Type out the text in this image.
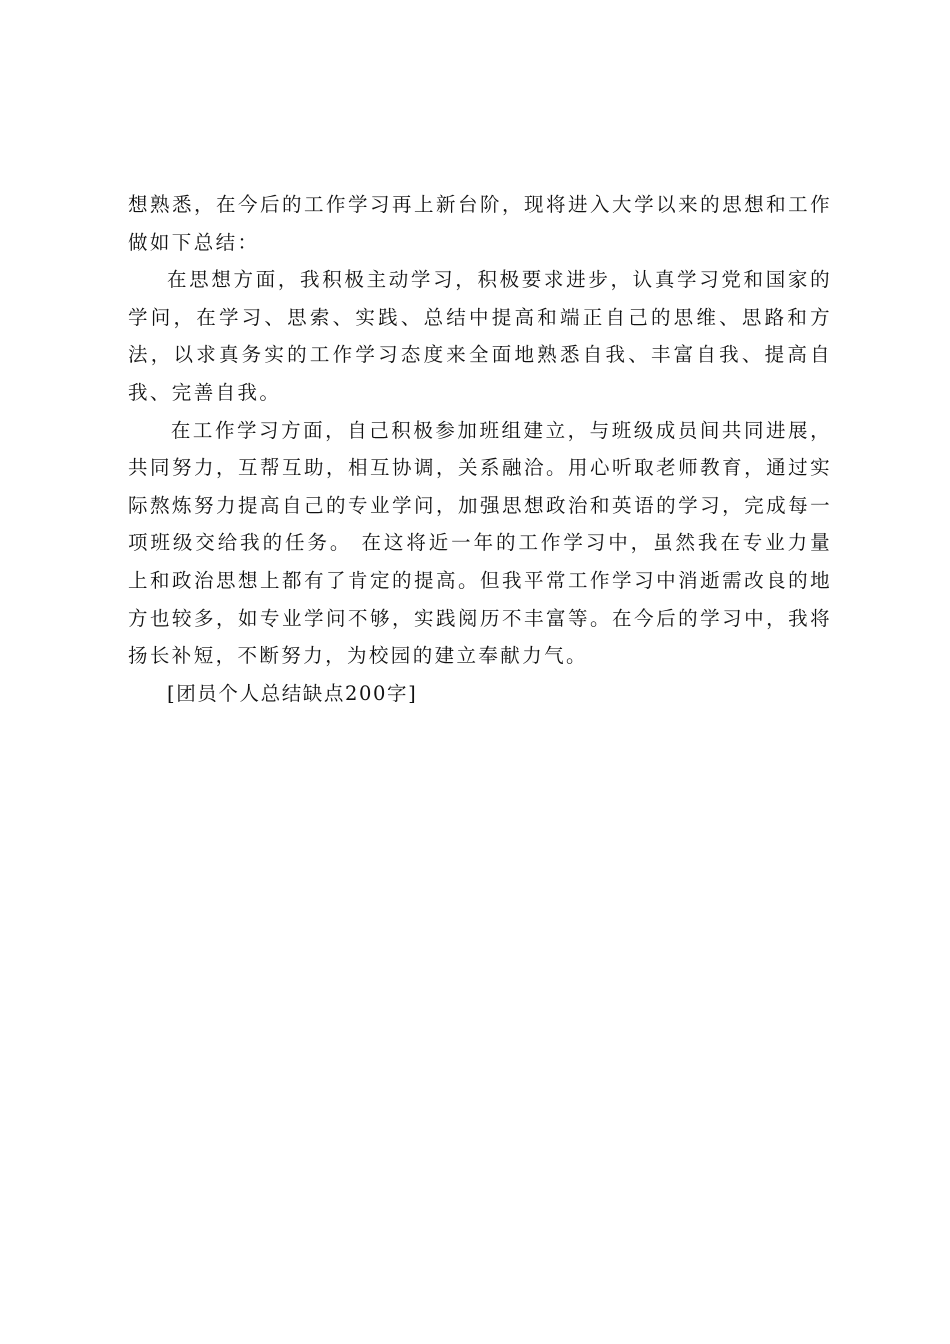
想熟悉，在今后的工作学习再上新台阶，现将进入大学以来的思想和工作做如下总结：

在思想方面，我积极主动学习，积极要求进步，认真学习党和国家的学问，在学习、思索、实践、总结中提高和端正自己的思维、思路和方法，以求真务实的工作学习态度来全面地熟悉自我、丰富自我、提高自我、完善自我。

在工作学习方面，自己积极参加班组建立，与班级成员间共同进展，共同努力，互帮互助，相互协调，关系融洽。用心听取老师教育，通过实际熬炼努力提高自己的专业学问，加强思想政治和英语的学习，完成每一项班级交给我的任务。 在这将近一年的工作学习中，虽然我在专业力量上和政治思想上都有了肯定的提高。但我平常工作学习中消逝需改良的地方也较多，如专业学问不够，实践阅历不丰富等。在今后的学习中，我将扬长补短，不断努力，为校园的建立奉献力气。

[团员个人总结缺点200字]
